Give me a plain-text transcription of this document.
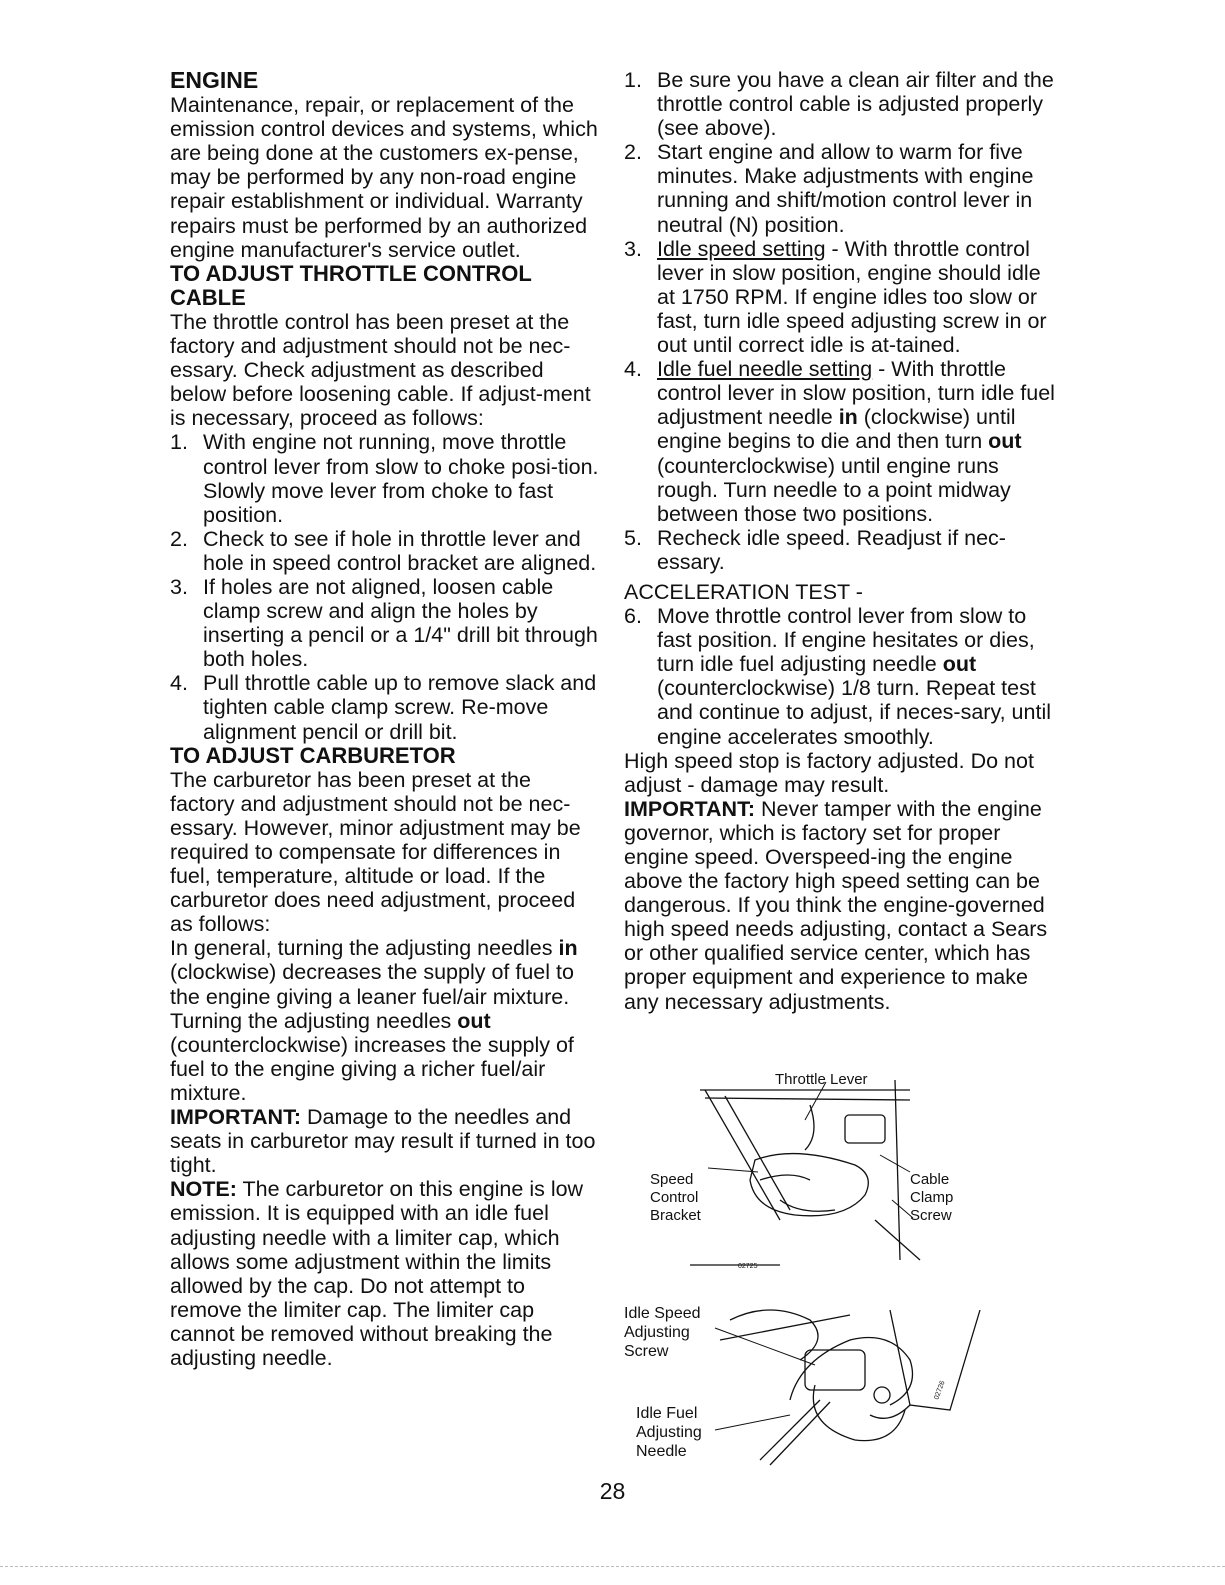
ENGINE

Maintenance, repair, or replacement of the emission control devices and systems, which are being done at the customers ex-pense, may be performed by any non-road engine repair establishment or individual. Warranty repairs must be performed by an authorized engine manufacturer's service outlet.

TO ADJUST THROTTLE CONTROL CABLE

The throttle control has been preset at the factory and adjustment should not be nec-essary. Check adjustment as described below before loosening cable. If adjust-ment is necessary, proceed as follows:

1. With engine not running, move throttle control lever from slow to choke posi-tion. Slowly move lever from choke to fast position.
2. Check to see if hole in throttle lever and hole in speed control bracket are aligned.
3. If holes are not aligned, loosen cable clamp screw and align the holes by inserting a pencil or a 1/4" drill bit through both holes.
4. Pull throttle cable up to remove slack and tighten cable clamp screw. Re-move alignment pencil or drill bit.
TO ADJUST CARBURETOR

The carburetor has been preset at the factory and adjustment should not be nec-essary. However, minor adjustment may be required to compensate for differences in fuel, temperature, altitude or load. If the carburetor does need adjustment, proceed as follows:

In general, turning the adjusting needles in (clockwise) decreases the supply of fuel to the engine giving a leaner fuel/air mixture. Turning the adjusting needles out (counterclockwise) increases the supply of fuel to the engine giving a richer fuel/air mixture.

IMPORTANT: Damage to the needles and seats in carburetor may result if turned in too tight.

NOTE: The carburetor on this engine is low emission. It is equipped with an idle fuel adjusting needle with a limiter cap, which allows some adjustment within the limits allowed by the cap. Do not attempt to remove the limiter cap. The limiter cap cannot be removed without breaking the adjusting needle.

1. Be sure you have a clean air filter and the throttle control cable is adjusted properly (see above).
2. Start engine and allow to warm for five minutes. Make adjustments with engine running and shift/motion control lever in neutral (N) position.
3. Idle speed setting - With throttle control lever in slow position, engine should idle at 1750 RPM. If engine idles too slow or fast, turn idle speed adjusting screw in or out until correct idle is at-tained.
4. Idle fuel needle setting - With throttle control lever in slow position, turn idle fuel adjustment needle in (clockwise) until engine begins to die and then turn out (counterclockwise) until engine runs rough. Turn needle to a point midway between those two positions.
5. Recheck idle speed. Readjust if nec-essary.

ACCELERATION TEST -

6. Move throttle control lever from slow to fast position. If engine hesitates or dies, turn idle fuel adjusting needle out (counterclockwise) 1/8 turn. Repeat test and continue to adjust, if neces-sary, until engine accelerates smoothly.

High speed stop is factory adjusted. Do not adjust - damage may result.

IMPORTANT: Never tamper with the engine governor, which is factory set for proper engine speed. Overspeed-ing the engine above the factory high speed setting can be dangerous. If you think the engine-governed high speed needs adjusting, contact a Sears or other qualified service center, which has proper equipment and experience to make any necessary adjustments.

Throttle Lever
Speed
Control
Bracket
Cable
Clamp
Screw
02725
Idle Speed
Adjusting
Screw
Idle Fuel
Adjusting
Needle
02726
28
